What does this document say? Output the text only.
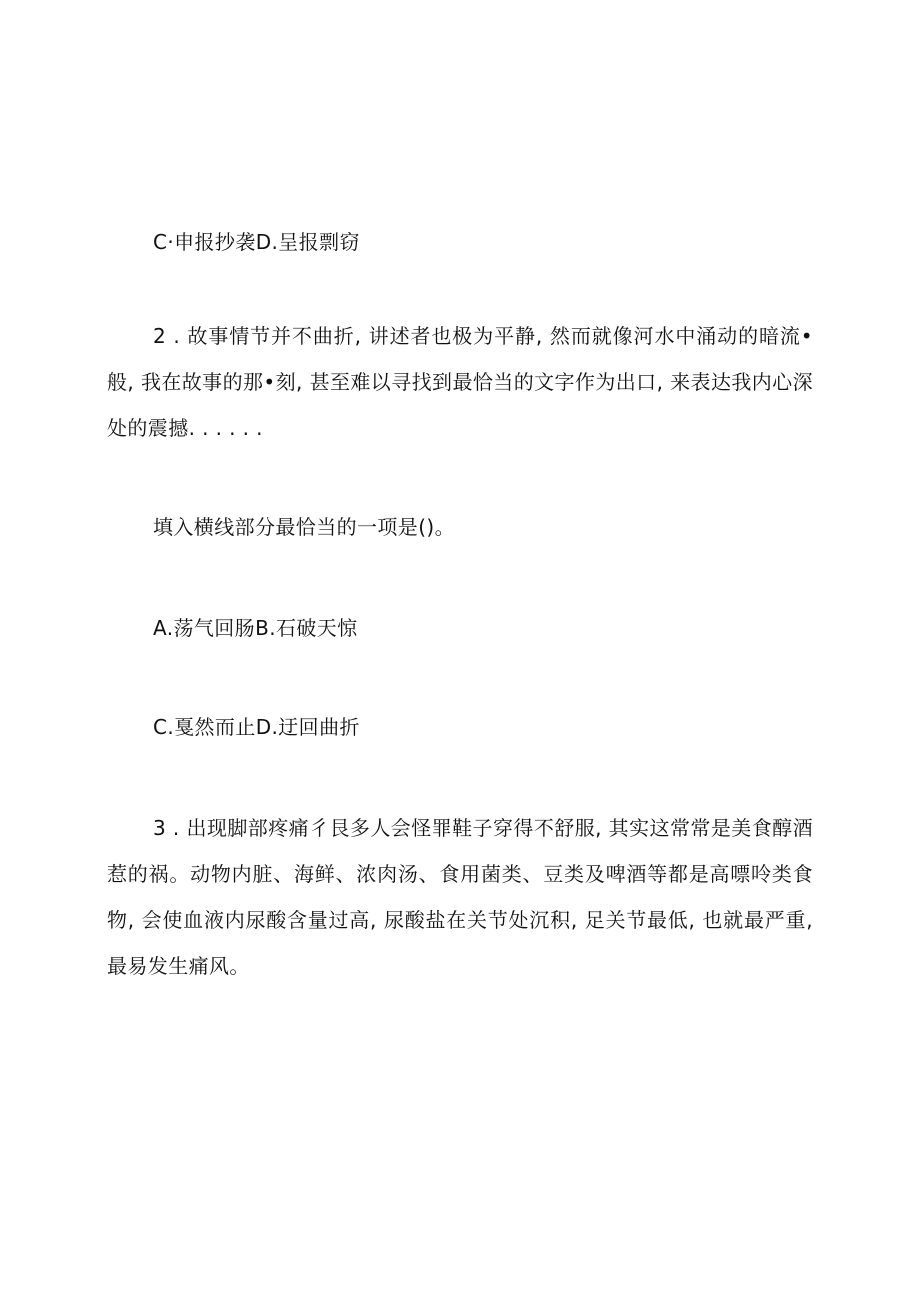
C·申报抄袭D.呈报剽窃
2 . 故事情节并不曲折, 讲述者也极为平静, 然而就像河水中涌动的暗流•般, 我在故事的那•刻, 甚至难以寻找到最恰当的文字作为出口, 来表达我内心深处的震撼. . . . . .
填入横线部分最恰当的一项是()。
A.荡气回肠B.石破天惊
C.戛然而止D.迂回曲折
3 . 出现脚部疼痛彳艮多人会怪罪鞋子穿得不舒服, 其实这常常是美食醇酒惹的祸。动物内脏、海鲜、浓肉汤、食用菌类、豆类及啤酒等都是高嘌呤类食物, 会使血液内尿酸含量过高, 尿酸盐在关节处沉积, 足关节最低, 也就最严重, 最易发生痛风。
